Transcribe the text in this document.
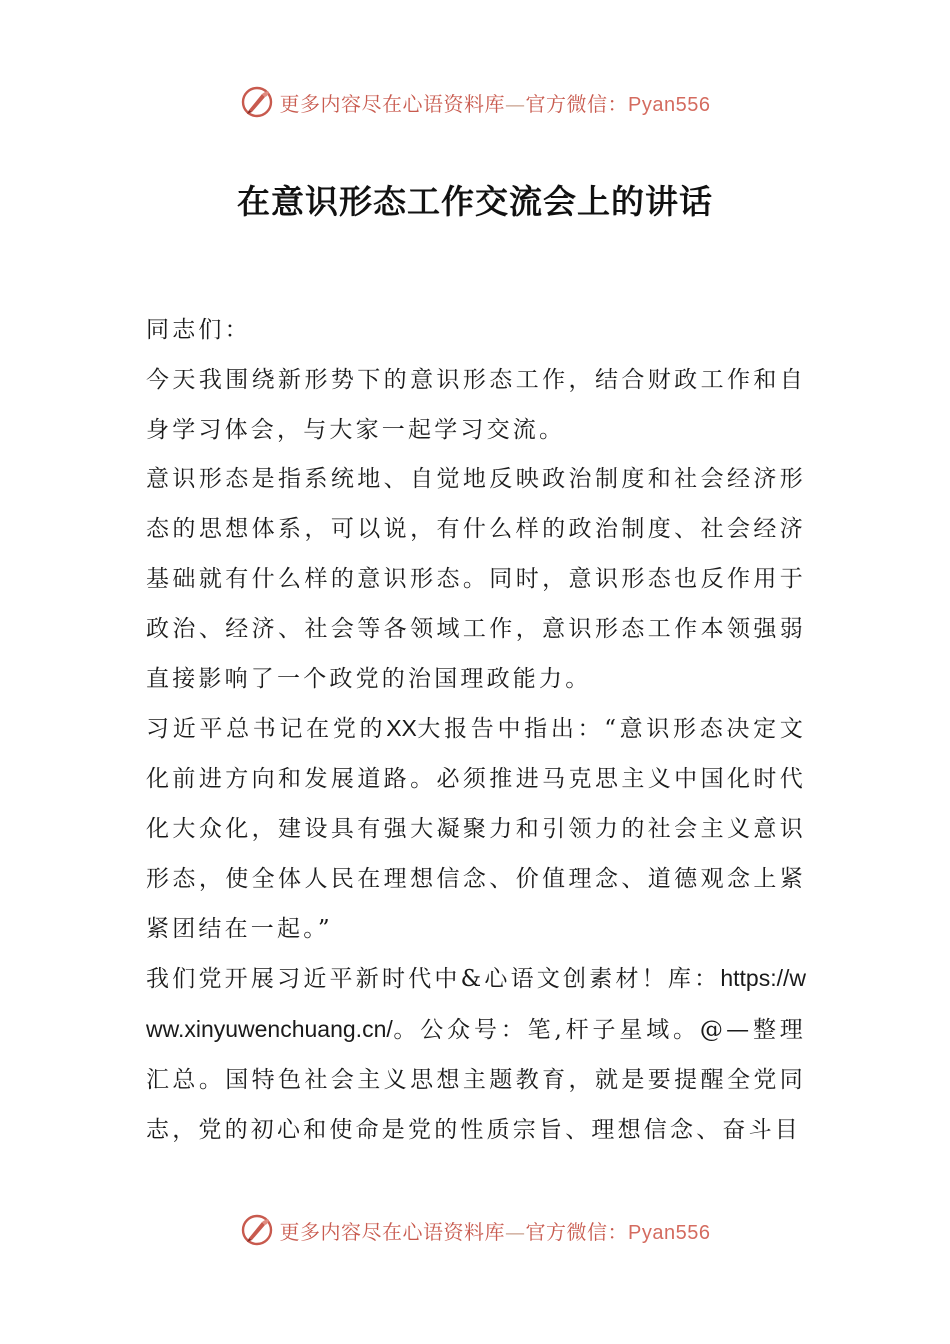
更多内容尽在心语资料库—官方微信：Pyan556
在意识形态工作交流会上的讲话

同志们：

今天我围绕新形势下的意识形态工作，结合财政工作和自身学习体会，与大家一起学习交流。

意识形态是指系统地、自觉地反映政治制度和社会经济形态的思想体系，可以说，有什么样的政治制度、社会经济基础就有什么样的意识形态。同时，意识形态也反作用于政治、经济、社会等各领域工作，意识形态工作本领强弱直接影响了一个政党的治国理政能力。

习近平总书记在党的XX大报告中指出：“意识形态决定文化前进方向和发展道路。必须推进马克思主义中国化时代化大众化，建设具有强大凝聚力和引领力的社会主义意识形态，使全体人民在理想信念、价值理念、道德观念上紧紧团结在一起。”

我们党开展习近平新时代中&心语文创素材！库：https://www.xinyuwenchuang.cn/。公众号：笔,杆子星域。@—整理汇总。国特色社会主义思想主题教育，就是要提醒全党同志，党的初心和使命是党的性质宗旨、理想信念、奋斗目

更多内容尽在心语资料库—官方微信：Pyan556
